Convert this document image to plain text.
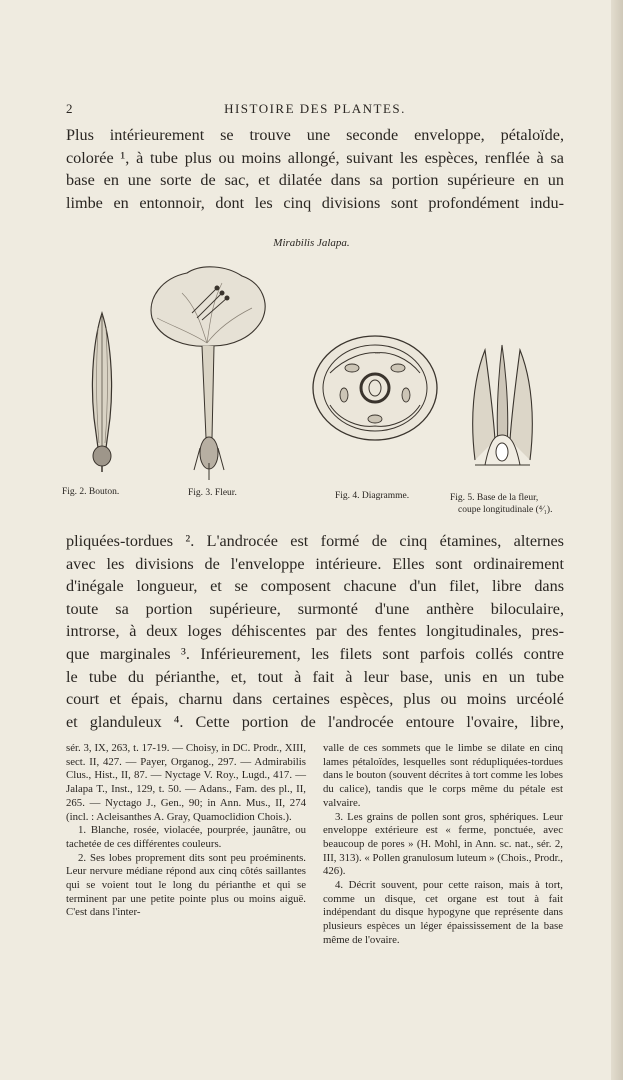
2	HISTOIRE DES PLANTES.
Plus intérieurement se trouve une seconde enveloppe, pétaloïde,
colorée ¹, à tube plus ou moins allongé, suivant les espèces, renflée à sa
base en une sorte de sac, et dilatée dans sa portion supérieure en un
limbe en entonnoir, dont les cinq divisions sont profondément indu-
Mirabilis Jalapa.
Fig. 2. Bouton.	Fig. 3. Fleur.	Fig. 4. Diagramme.	Fig. 5. Base de la fleur,
coupe longitudinale (⁴⁄₁).
pliquées-tordues ². L'androcée est formé de cinq étamines, alternes
avec les divisions de l'enveloppe intérieure. Elles sont ordinairement
d'inégale longueur, et se composent chacune d'un filet, libre dans
toute sa portion supérieure, surmonté d'une anthère biloculaire,
introrse, à deux loges déhiscentes par des fentes longitudinales, pres-
que marginales ³. Inférieurement, les filets sont parfois collés contre
le tube du périanthe, et, tout à fait à leur base, unis en un tube
court et épais, charnu dans certaines espèces, plus ou moins urcéolé
et glanduleux ⁴. Cette portion de l'androcée entoure l'ovaire, libre,

sér. 3, IX, 263, t. 17-19. — Choisy, in DC. Prodr., XIII, sect. II, 427. — Payer, Organog., 297. — Admirabilis Clus., Hist., II, 87. — Nyctage V. Roy., Lugd., 417. — Jalapa T., Inst., 129, t. 50. — Adans., Fam. des pl., II, 265. — Nyctago J., Gen., 90; in Ann. Mus., II, 274 (incl. : Acleisanthes A. Gray, Quamoclidion Chois.).

1. Blanche, rosée, violacée, pourprée, jaunâtre, ou tachetée de ces différentes couleurs.

2. Ses lobes proprement dits sont peu proéminents. Leur nervure médiane répond aux cinq côtés saillantes qui se voient tout le long du périanthe et qui se terminent par une petite pointe plus ou moins aiguë. C'est dans l'inter-

valle de ces sommets que le limbe se dilate en cinq lames pétaloïdes, lesquelles sont rédupliquées-tordues dans le bouton (souvent décrites à tort comme les lobes du calice), tandis que le corps même du pétale est valvaire.

3. Les grains de pollen sont gros, sphériques. Leur enveloppe extérieure est « ferme, ponctuée, avec beaucoup de pores » (H. Mohl, in Ann. sc. nat., sér. 2, III, 313). « Pollen granulosum luteum » (Chois., Prodr., 426).

4. Décrit souvent, pour cette raison, mais à tort, comme un disque, cet organe est tout à fait indépendant du disque hypogyne que représente dans plusieurs espèces un léger épaississement de la base même de l'ovaire.
